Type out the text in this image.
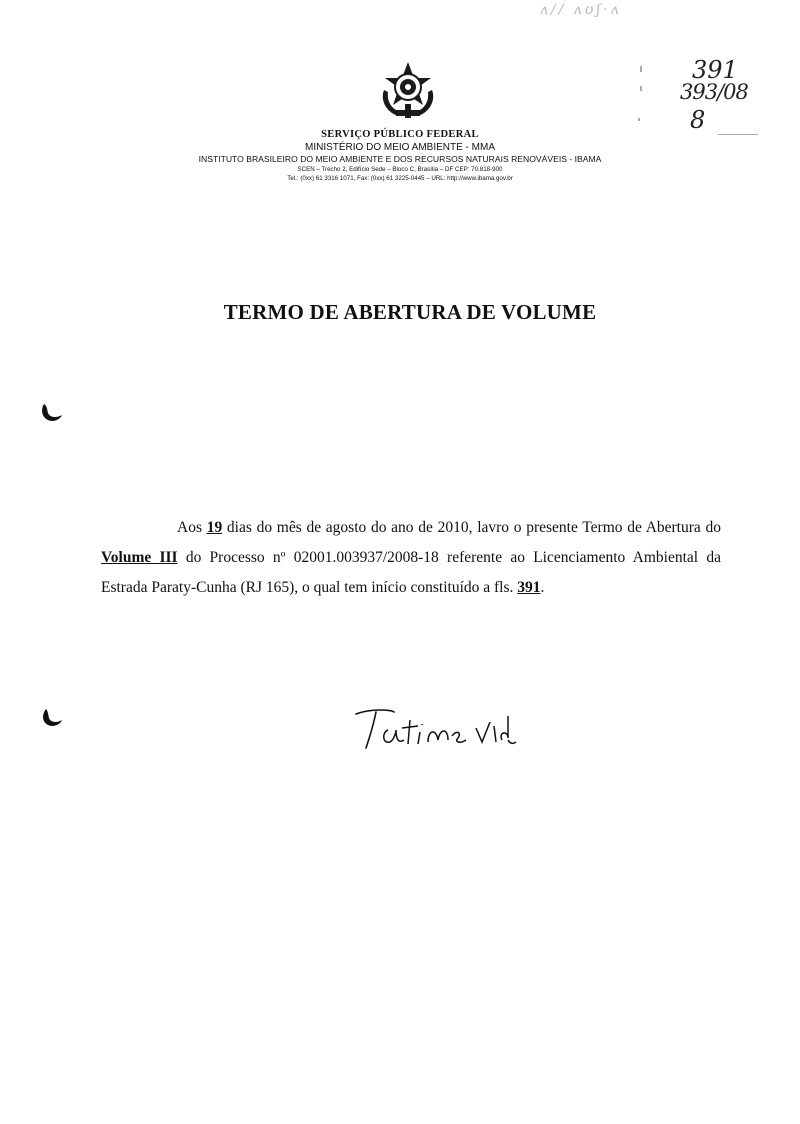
ʌ// ʌʊʃ·ʌ
391
393/08
8
SERVIÇO PÚBLICO FEDERAL
MINISTÉRIO DO MEIO AMBIENTE - MMA
INSTITUTO BRASILEIRO DO MEIO AMBIENTE E DOS RECURSOS NATURAIS RENOVÁVEIS - IBAMA
SCEN – Trecho 2, Edifício Sede – Bloco C, Brasília – DF CEP: 70.818-900
Tel.: (0xx) 61 3316 1071, Fax: (0xx) 61 3225-0445 – URL: http://www.ibama.gov.br
TERMO DE ABERTURA DE VOLUME

Aos 19 dias do mês de agosto do ano de 2010, lavro o presente Termo de Abertura do Volume III do Processo nº 02001.003937/2008-18 referente ao Licenciamento Ambiental da Estrada Paraty-Cunha (RJ 165), o qual tem início constituído a fls. 391.
